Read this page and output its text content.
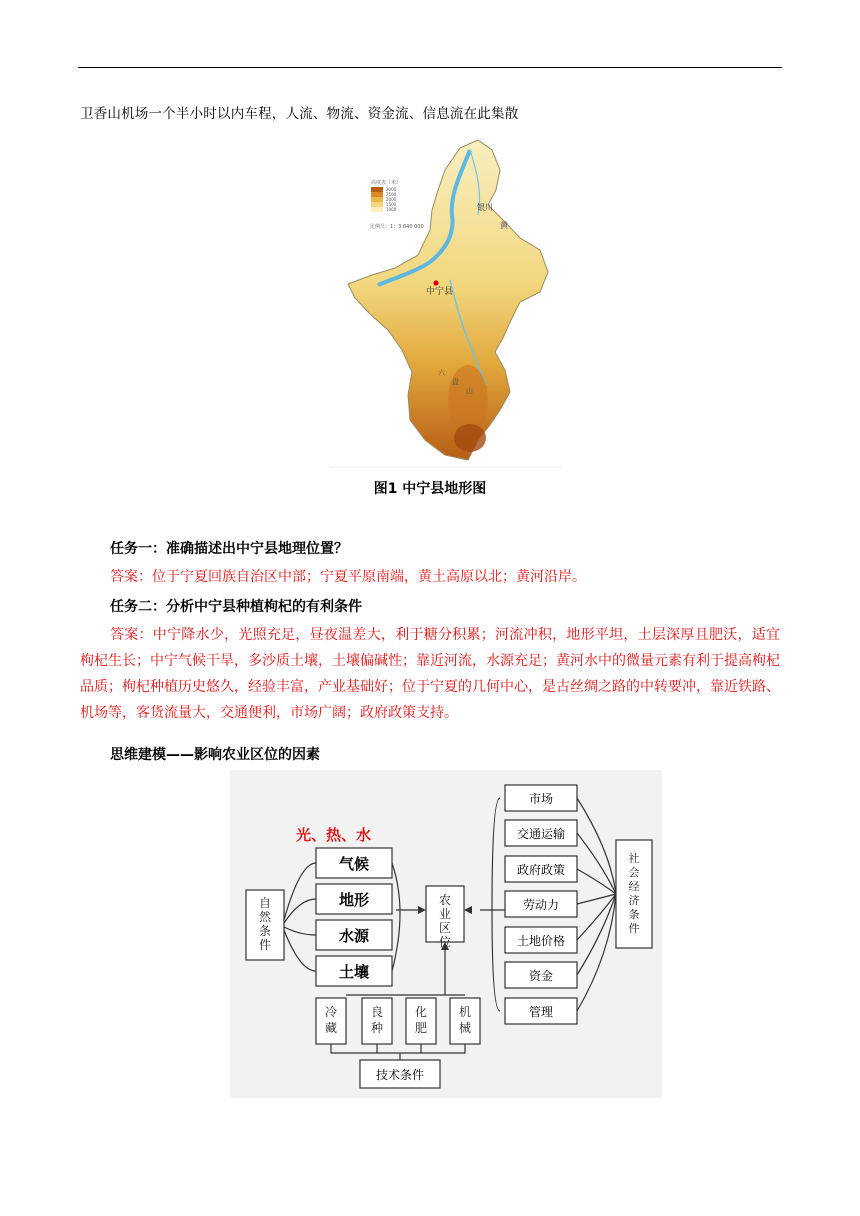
卫香山机场一个半小时以内车程，人流、物流、资金流、信息流在此集散
中宁县
银川
黄
六
盘
山
高度表（米）
3000
2500
2000
1500
1000
比例尺：1：3 640 000
图1 中宁县地形图
任务一：准确描述出中宁县地理位置？
答案：位于宁夏回族自治区中部；宁夏平原南端，黄土高原以北；黄河沿岸。
任务二：分析中宁县种植枸杞的有利条件
答案：中宁降水少，光照充足，昼夜温差大，利于糖分积累；河流冲积，地形平坦，土层深厚且肥沃，适宜枸杞生长；中宁气候干旱，多沙质土壤，土壤偏碱性；靠近河流，水源充足；黄河水中的微量元素有利于提高枸杞品质；枸杞种植历史悠久，经验丰富，产业基础好；位于宁夏的几何中心，是古丝绸之路的中转要冲，靠近铁路、机场等，客货流量大，交通便利，市场广阔；政府政策支持。
思维建模——影响农业区位的因素
光、热、水
气候
地形
水源
土壤
自然条件
农业区位
社会经济条件
市场
交通运输
政府政策
劳动力
土地价格
资金
管理
冷藏
良种
化肥
机械
技术条件
